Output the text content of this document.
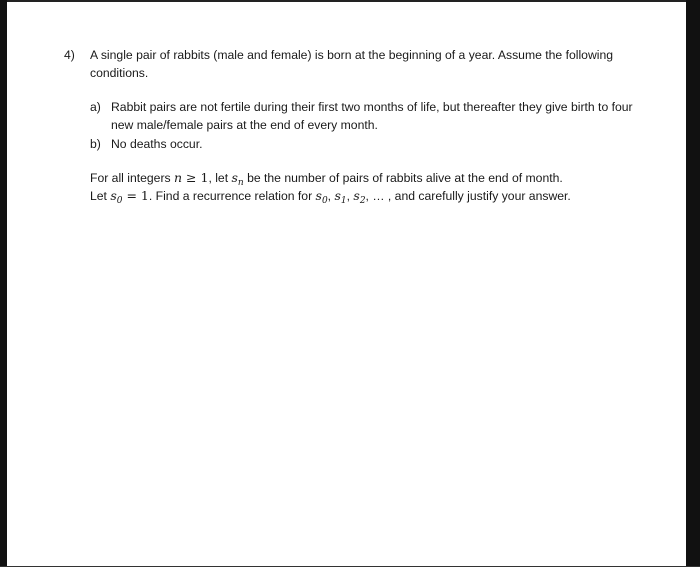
4)	A single pair of rabbits (male and female) is born at the beginning of a year. Assume the following conditions.
a) Rabbit pairs are not fertile during their first two months of life, but thereafter they give birth to four new male/female pairs at the end of every month.
b) No deaths occur.
For all integers n ≥ 1, let $s_n$ be the number of pairs of rabbits alive at the end of month.
Let $s_0 = 1$. Find a recurrence relation for $s_0$, $s_1$, $s_2$, … , and carefully justify your answer.
